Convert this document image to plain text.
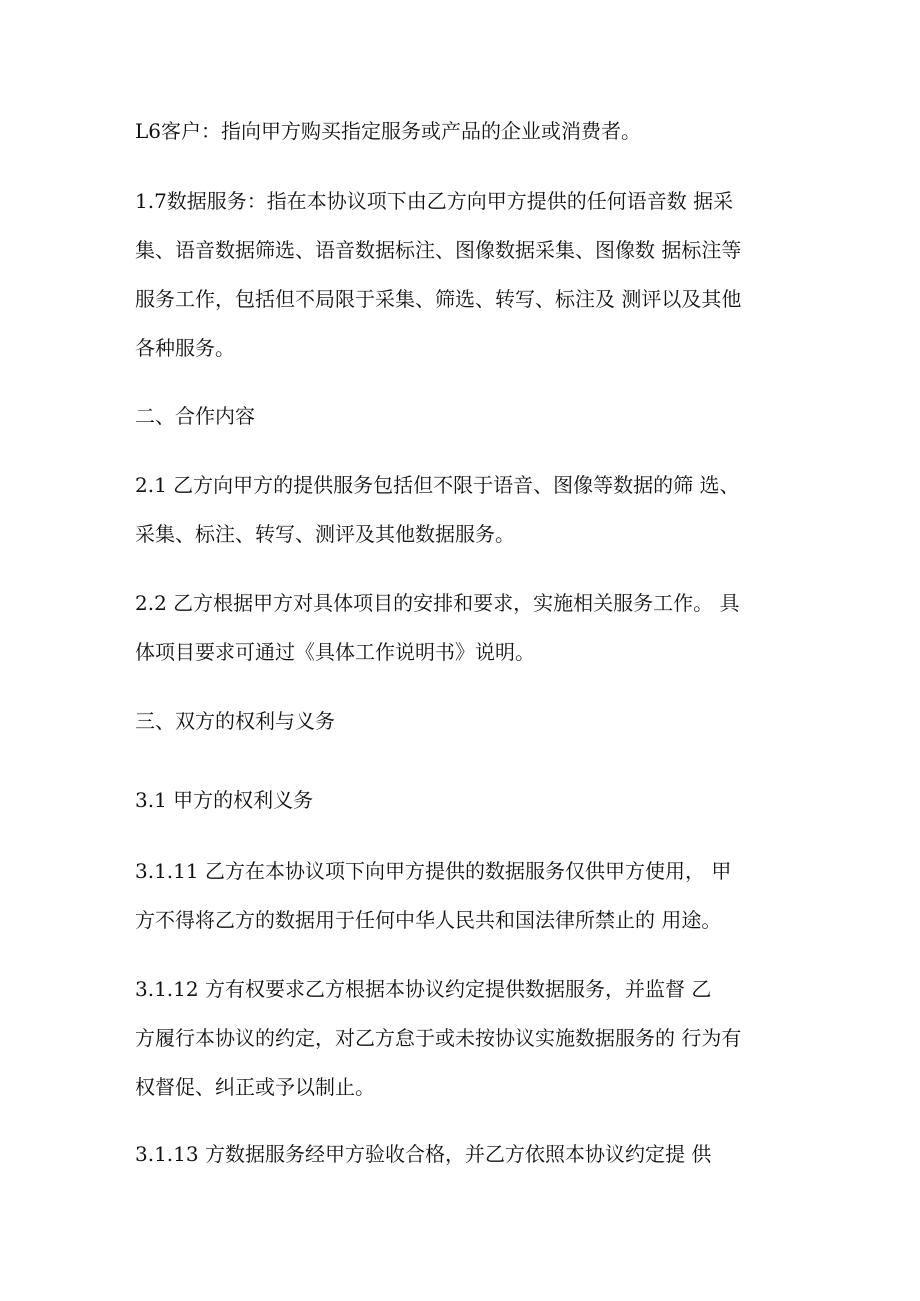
L6客户：指向甲方购买指定服务或产品的企业或消费者。
1.7数据服务：指在本协议项下由乙方向甲方提供的任何语音数 据采
集、语音数据筛选、语音数据标注、图像数据采集、图像数 据标注等
服务工作，包括但不局限于采集、筛选、转写、标注及 测评以及其他
各种服务。
二、合作内容
2.1 乙方向甲方的提供服务包括但不限于语音、图像等数据的筛 选、
采集、标注、转写、测评及其他数据服务。
2.2 乙方根据甲方对具体项目的安排和要求，实施相关服务工作。 具
体项目要求可通过《具体工作说明书》说明。
三、双方的权利与义务
3.1 甲方的权利义务
3.1.11 乙方在本协议项下向甲方提供的数据服务仅供甲方使用， 甲
方不得将乙方的数据用于任何中华人民共和国法律所禁止的 用途。
3.1.12 方有权要求乙方根据本协议约定提供数据服务，并监督 乙
方履行本协议的约定，对乙方怠于或未按协议实施数据服务的 行为有
权督促、纠正或予以制止。
3.1.13 方数据服务经甲方验收合格，并乙方依照本协议约定提 供
